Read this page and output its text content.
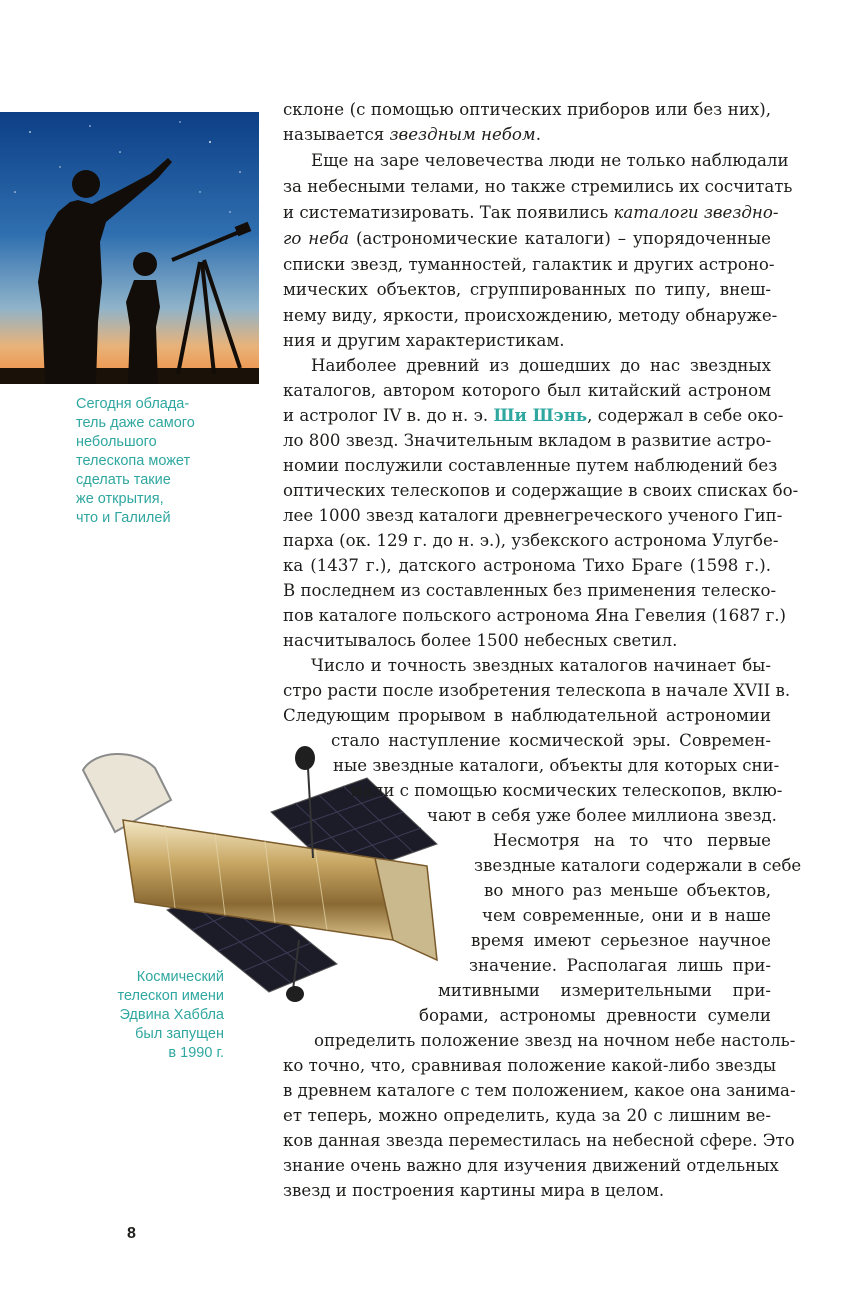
Сегодня облада-
тель даже самого
небольшого
телескопа может
сделать такие
же открытия,
что и Галилей
Космический
телескоп имени
Эдвина Хаббла
был запущен
в 1990 г.
склоне (с помощью оптических приборов или без них),
называется звездным небом.
Еще на заре человечества люди не только наблюдали
за небесными телами, но также стремились их сосчитать
и систематизировать. Так появились каталоги звездно-
го неба (астрономические каталоги) – упорядоченные
списки звезд, туманностей, галактик и других астроно-
мических объектов, сгруппированных по типу, внеш-
нему виду, яркости, происхождению, методу обнаруже-
ния и другим характеристикам.
Наиболее древний из дошедших до нас звездных
каталогов, автором которого был китайский астроном
и астролог IV в. до н. э. Ши Шэнь, содержал в себе око-
ло 800 звезд. Значительным вкладом в развитие астро-
номии послужили составленные путем наблюдений без
оптических телескопов и содержащие в своих списках бо-
лее 1000 звезд каталоги древнегреческого ученого Гип-
парха (ок. 129 г. до н. э.), узбекского астронома Улугбе-
ка (1437 г.), датского астронома Тихо Браге (1598 г.).
В последнем из составленных без применения телеско-
пов каталоге польского астронома Яна Гевелия (1687 г.)
насчитывалось более 1500 небесных светил.
Число и точность звездных каталогов начинает бы-
стро расти после изобретения телескопа в начале XVII в.
Следующим прорывом в наблюдательной астрономии
стало наступление космической эры. Современ-
ные звездные каталоги, объекты для которых сни-
мали с помощью космических телескопов, вклю-
чают в себя уже более миллиона звезд.
Несмотря на то что первые
звездные каталоги содержали в себе
во много раз меньше объектов,
чем современные, они и в наше
время имеют серьезное научное
значение. Располагая лишь при-
митивными измерительными при-
борами, астрономы древности сумели
определить положение звезд на ночном небе настоль-
ко точно, что, сравнивая положение какой-либо звезды
в древнем каталоге с тем положением, какое она занима-
ет теперь, можно определить, куда за 20 с лишним ве-
ков данная звезда переместилась на небесной сфере. Это
знание очень важно для изучения движений отдельных
звезд и построения картины мира в целом.
8
